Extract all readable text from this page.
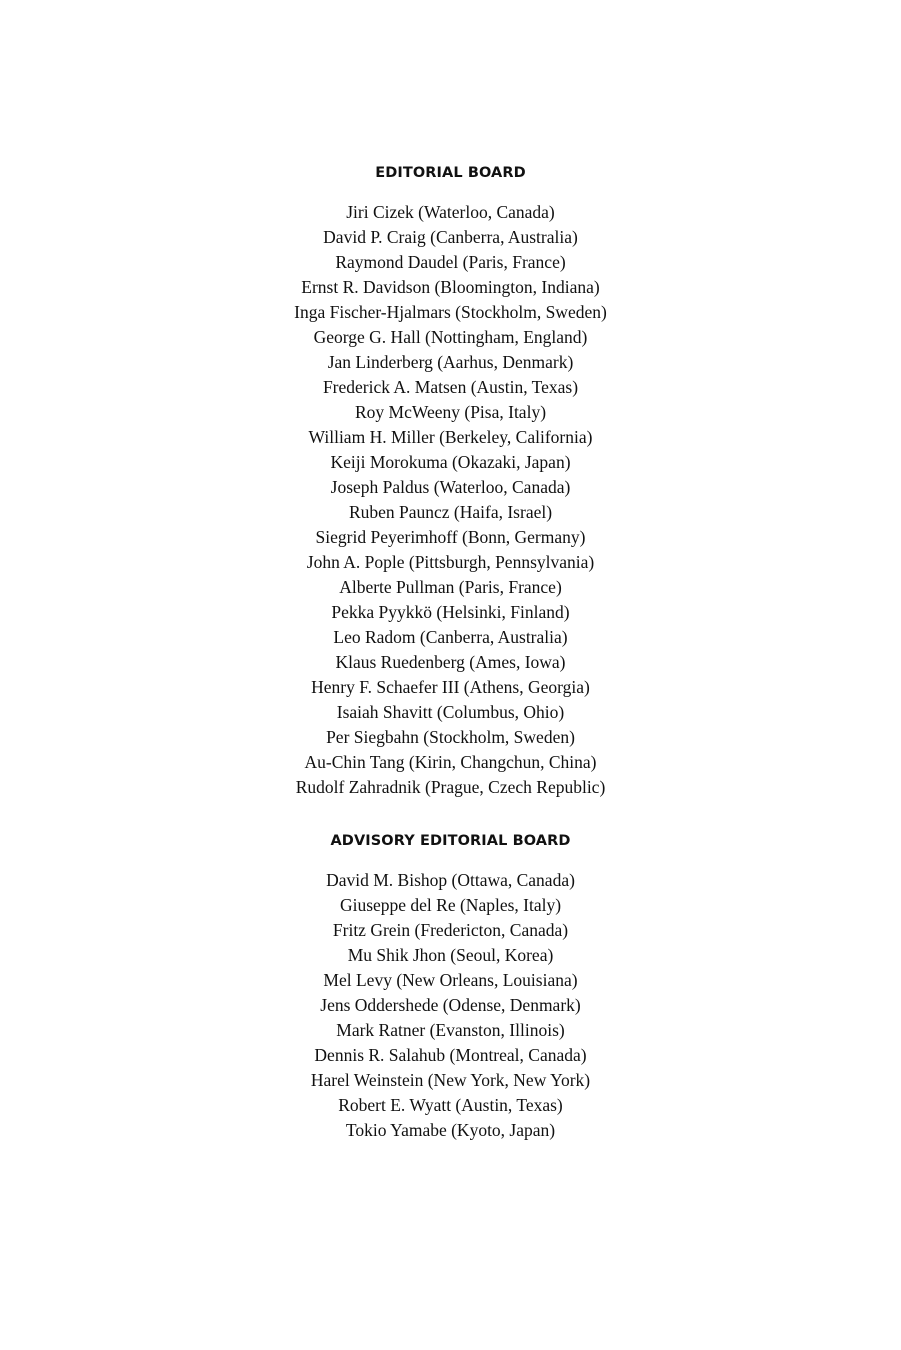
EDITORIAL BOARD
Jiri Cizek (Waterloo, Canada)
David P. Craig (Canberra, Australia)
Raymond Daudel (Paris, France)
Ernst R. Davidson (Bloomington, Indiana)
Inga Fischer-Hjalmars (Stockholm, Sweden)
George G. Hall (Nottingham, England)
Jan Linderberg (Aarhus, Denmark)
Frederick A. Matsen (Austin, Texas)
Roy McWeeny (Pisa, Italy)
William H. Miller (Berkeley, California)
Keiji Morokuma (Okazaki, Japan)
Joseph Paldus (Waterloo, Canada)
Ruben Pauncz (Haifa, Israel)
Siegrid Peyerimhoff (Bonn, Germany)
John A. Pople (Pittsburgh, Pennsylvania)
Alberte Pullman (Paris, France)
Pekka Pyykkö (Helsinki, Finland)
Leo Radom (Canberra, Australia)
Klaus Ruedenberg (Ames, Iowa)
Henry F. Schaefer III (Athens, Georgia)
Isaiah Shavitt (Columbus, Ohio)
Per Siegbahn (Stockholm, Sweden)
Au-Chin Tang (Kirin, Changchun, China)
Rudolf Zahradnik (Prague, Czech Republic)
ADVISORY EDITORIAL BOARD
David M. Bishop (Ottawa, Canada)
Giuseppe del Re (Naples, Italy)
Fritz Grein (Fredericton, Canada)
Mu Shik Jhon (Seoul, Korea)
Mel Levy (New Orleans, Louisiana)
Jens Oddershede (Odense, Denmark)
Mark Ratner (Evanston, Illinois)
Dennis R. Salahub (Montreal, Canada)
Harel Weinstein (New York, New York)
Robert E. Wyatt (Austin, Texas)
Tokio Yamabe (Kyoto, Japan)
